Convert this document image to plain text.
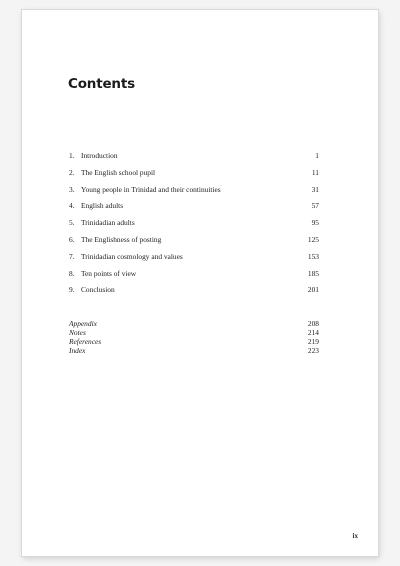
Contents
1. Introduction	1
2. The English school pupil	11
3. Young people in Trinidad and their continuities	31
4. English adults	57
5. Trinidadian adults	95
6. The Englishness of posting	125
7. Trinidadian cosmology and values	153
8. Ten points of view	185
9. Conclusion	201
Appendix	208
Notes	214
References	219
Index	223
ix
